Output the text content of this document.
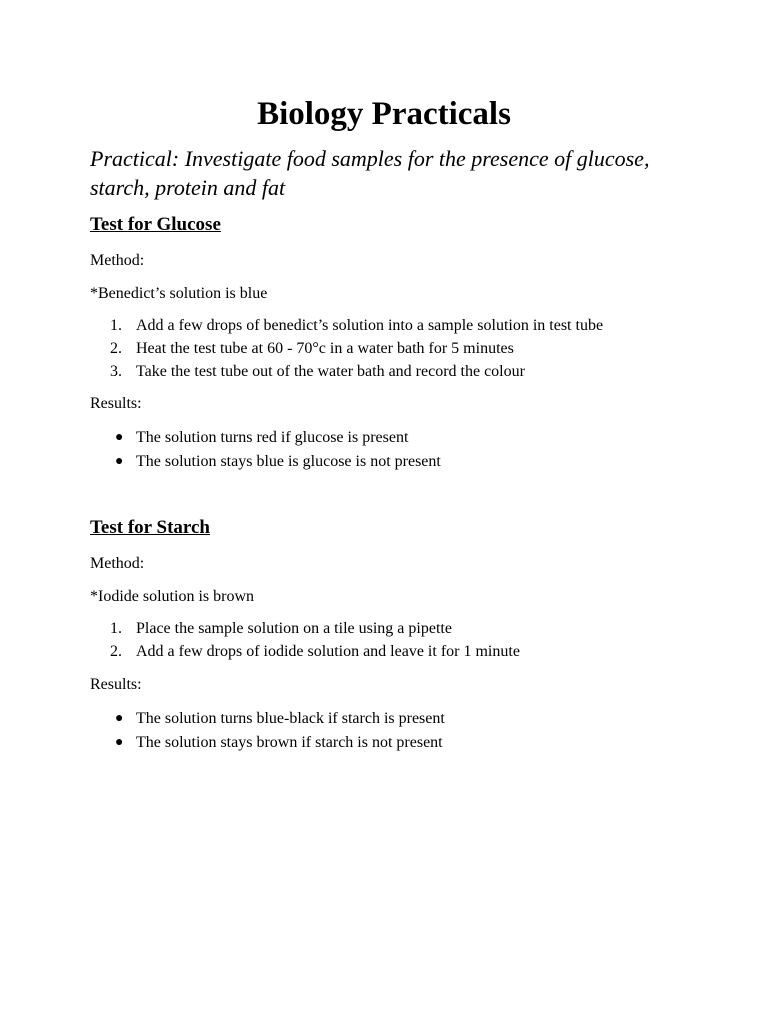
Biology Practicals

Practical: Investigate food samples for the presence of glucose, starch, protein and fat

Test for Glucose

Method:

*Benedict’s solution is blue

1. Add a few drops of benedict’s solution into a sample solution in test tube
2. Heat the test tube at 60 - 70°c in a water bath for 5 minutes
3. Take the test tube out of the water bath and record the colour

Results:

● The solution turns red if glucose is present
● The solution stays blue is glucose is not present
Test for Starch

Method:

*Iodide solution is brown

1. Place the sample solution on a tile using a pipette
2. Add a few drops of iodide solution and leave it for 1 minute

Results:

● The solution turns blue-black if starch is present
● The solution stays brown if starch is not present
